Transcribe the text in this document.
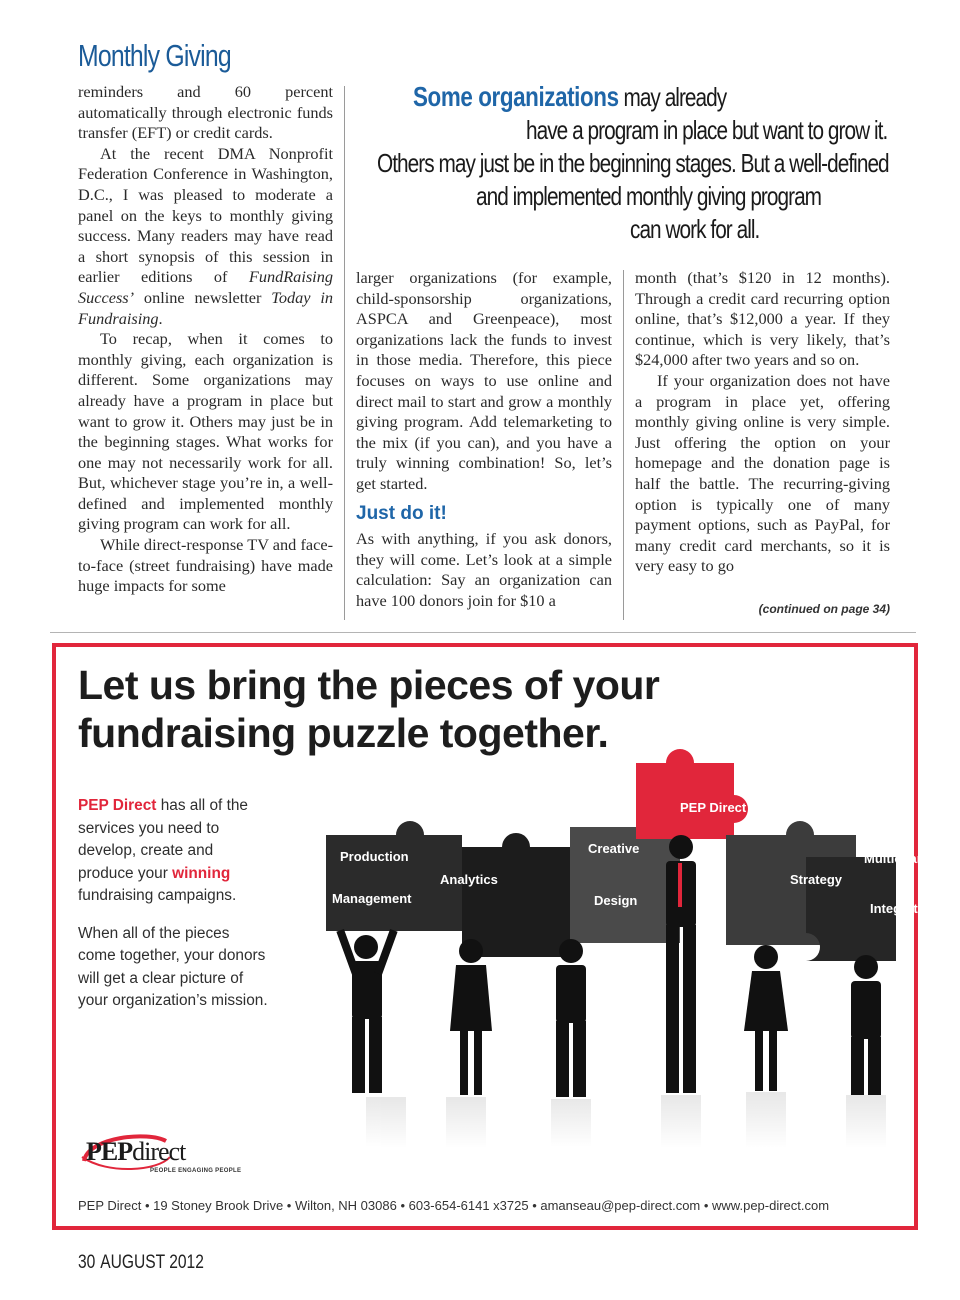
Monthly Giving

reminders and 60 percent automatically through electronic funds transfer (EFT) or credit cards.

At the recent DMA Nonprofit Federation Conference in Washington, D.C., I was pleased to moderate a panel on the keys to monthly giving success. Many readers may have read a short synopsis of this session in earlier editions of FundRaising Success’ online newsletter Today in Fundraising.

To recap, when it comes to monthly giving, each organization is different. Some organizations may already have a program in place but want to grow it. Others may just be in the beginning stages. What works for one may not necessarily work for all. But, whichever stage you’re in, a well-defined and implemented monthly giving program can work for all.

While direct-response TV and face-to-face (street fundraising) have made huge impacts for some

Some organizations may already
have a program in place but want to grow it.
Others may just be in the beginning stages. But a well-defined
and implemented monthly giving program
can work for all.

larger organizations (for example, child-sponsorship organizations, ASPCA and Greenpeace), most organizations lack the funds to invest in those media. Therefore, this piece focuses on ways to use online and direct mail to start and grow a monthly giving program. Add telemarketing to the mix (if you can), and you have a truly winning combination! So, let’s get started.

Just do it!

As with anything, if you ask donors, they will come. Let’s look at a simple calculation: Say an organization can have 100 donors join for $10 a

month (that’s $120 in 12 months). Through a credit card recurring option online, that’s $12,000 a year. If they continue, which is very likely, that’s $24,000 after two years and so on.

If your organization does not have a program in place yet, offering monthly giving online is very simple. Just offering the option on your homepage and the donation page is half the battle. The recurring-giving option is typically one of many payment options, such as PayPal, for many credit card merchants, so it is very easy to go

(continued on page 34)
Let us bring the pieces of your
fundraising puzzle together.

PEP Direct has all of the services you need to develop, create and produce your winning fundraising campaigns.

When all of the pieces come together, your donors will get a clear picture of your organization’s mission.

Production
Management
Analytics
Creative
Design
PEP Direct
Strategy
Multichannel
Integration
PEPdirect
PEOPLE ENGAGING PEOPLE
PEP Direct • 19 Stoney Brook Drive • Wilton, NH 03086 • 603-654-6141 x3725 • amanseau@pep-direct.com • www.pep-direct.com
30 AUGUST 2012
